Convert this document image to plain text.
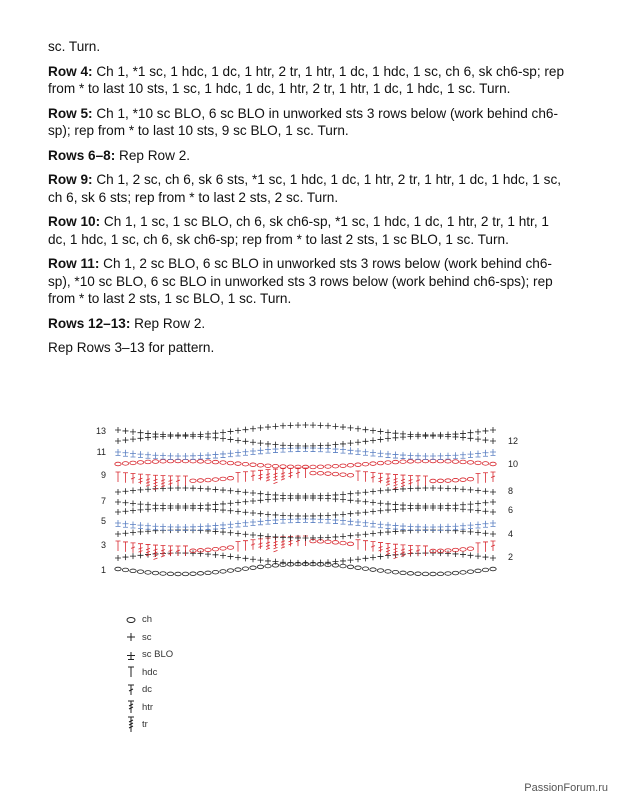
sc. Turn.

Row 4: Ch 1, *1 sc, 1 hdc, 1 dc, 1 htr, 2 tr, 1 htr, 1 dc, 1 hdc, 1 sc, ch 6, sk ch6-sp; rep from * to last 10 sts, 1 sc, 1 hdc, 1 dc, 1 htr, 2 tr, 1 htr, 1 dc, 1 hdc, 1 sc. Turn.

Row 5: Ch 1, *10 sc BLO, 6 sc BLO in unworked sts 3 rows below (work behind ch6-sp); rep from * to last 10 sts, 9 sc BLO, 1 sc. Turn.

Rows 6–8: Rep Row 2.

Row 9: Ch 1, 2 sc, ch 6, sk 6 sts, *1 sc, 1 hdc, 1 dc, 1 htr, 2 tr, 1 htr, 1 dc, 1 hdc, 1 sc, ch 6, sk 6 sts; rep from * to last 2 sts, 2 sc. Turn.

Row 10: Ch 1, 1 sc, 1 sc BLO, ch 6, sk ch6-sp, *1 sc, 1 hdc, 1 dc, 1 htr, 2 tr, 1 htr, 1 dc, 1 hdc, 1 sc, ch 6, sk ch6-sp; rep from * to last 2 sts, 1 sc BLO, 1 sc. Turn.

Row 11: Ch 1, 2 sc BLO, 6 sc BLO in unworked sts 3 rows below (work behind ch6-sp), *10 sc BLO, 6 sc BLO in unworked sts 3 rows below (work behind ch6-sps); rep from * to last 2 sts, 1 sc BLO, 1 sc. Turn.

Rows 12–13: Rep Row 2.

Rep Rows 3–13 for pattern.

13
11
9
7
5
3
1
12
10
8
6
4
2
ch
sc
sc BLO
hdc
dc
htr
tr
PassionForum.ru
